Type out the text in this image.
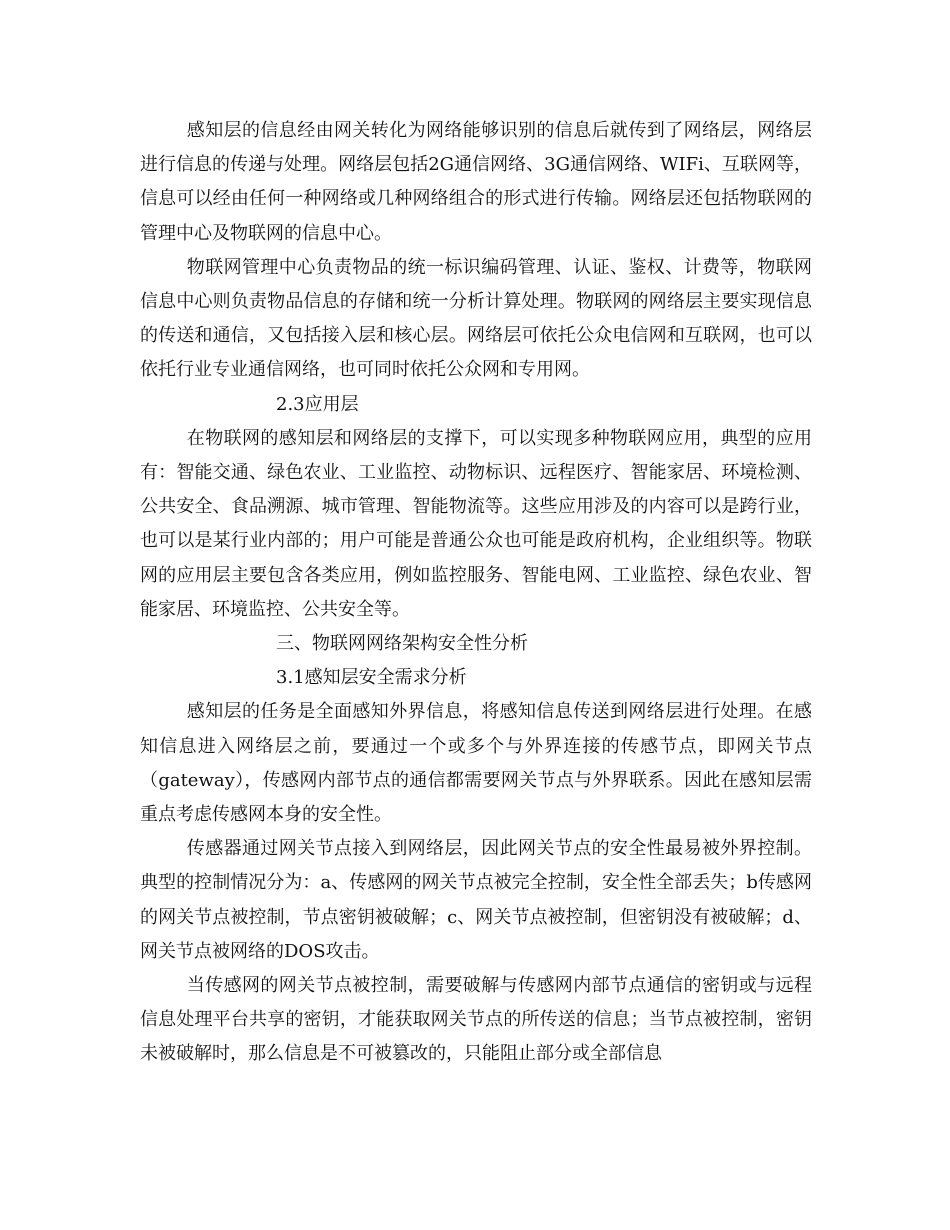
感知层的信息经由网关转化为网络能够识别的信息后就传到了网络层，网络层进行信息的传递与处理。网络层包括2G通信网络、3G通信网络、WIFi、互联网等，信息可以经由任何一种网络或几种网络组合的形式进行传输。网络层还包括物联网的管理中心及物联网的信息中心。

物联网管理中心负责物品的统一标识编码管理、认证、鉴权、计费等，物联网信息中心则负责物品信息的存储和统一分析计算处理。物联网的网络层主要实现信息的传送和通信，又包括接入层和核心层。网络层可依托公众电信网和互联网，也可以依托行业专业通信网络，也可同时依托公众网和专用网。

2.3应用层

在物联网的感知层和网络层的支撑下，可以实现多种物联网应用，典型的应用有：智能交通、绿色农业、工业监控、动物标识、远程医疗、智能家居、环境检测、公共安全、食品溯源、城市管理、智能物流等。这些应用涉及的内容可以是跨行业，也可以是某行业内部的；用户可能是普通公众也可能是政府机构，企业组织等。物联网的应用层主要包含各类应用，例如监控服务、智能电网、工业监控、绿色农业、智能家居、环境监控、公共安全等。

三、物联网网络架构安全性分析

3.1感知层安全需求分析

感知层的任务是全面感知外界信息，将感知信息传送到网络层进行处理。在感知信息进入网络层之前，要通过一个或多个与外界连接的传感节点，即网关节点（gateway），传感网内部节点的通信都需要网关节点与外界联系。因此在感知层需重点考虑传感网本身的安全性。

传感器通过网关节点接入到网络层，因此网关节点的安全性最易被外界控制。典型的控制情况分为：a、传感网的网关节点被完全控制，安全性全部丢失；b传感网的网关节点被控制，节点密钥被破解；c、网关节点被控制，但密钥没有被破解；d、网关节点被网络的DOS攻击。

当传感网的网关节点被控制，需要破解与传感网内部节点通信的密钥或与远程信息处理平台共享的密钥，才能获取网关节点的所传送的信息；当节点被控制，密钥未被破解时，那么信息是不可被篡改的，只能阻止部分或全部信息
